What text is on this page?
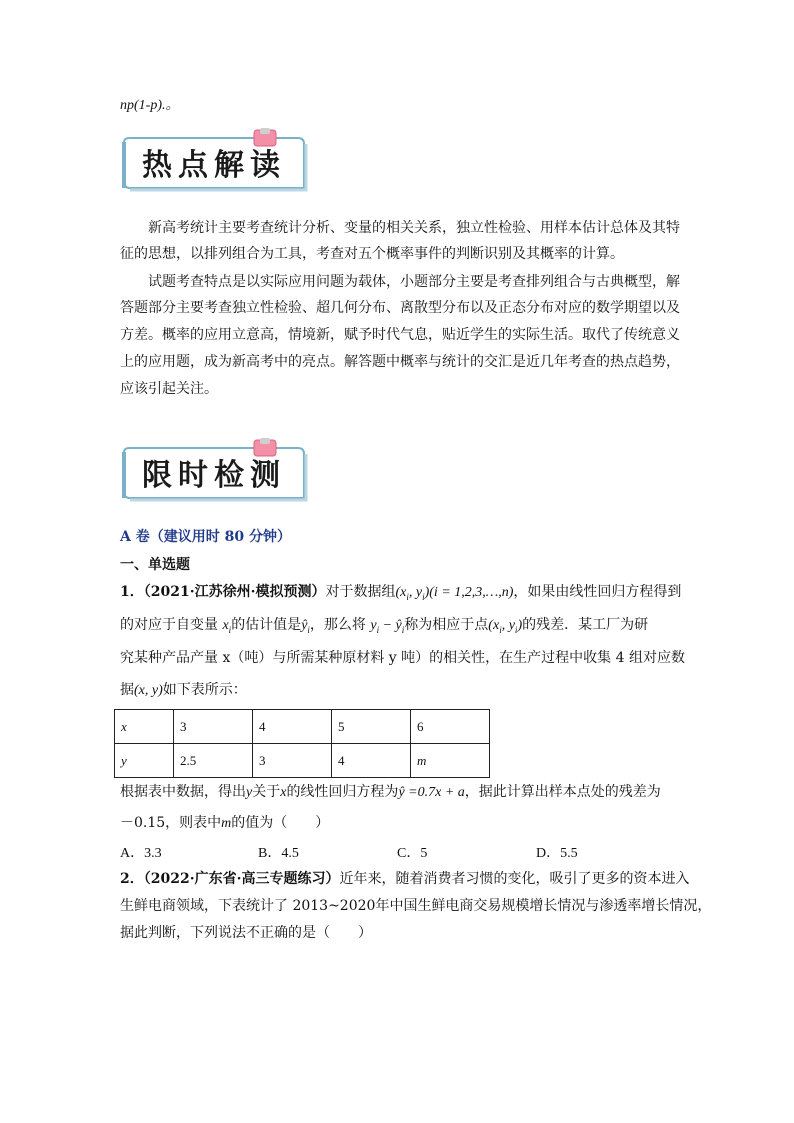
np(1-p).。
热点解读
新高考统计主要考查统计分析、变量的相关关系，独立性检验、用样本估计总体及其特
征的思想，以排列组合为工具，考查对五个概率事件的判断识别及其概率的计算。
试题考查特点是以实际应用问题为载体，小题部分主要是考查排列组合与古典概型，解
答题部分主要考查独立性检验、超几何分布、离散型分布以及正态分布对应的数学期望以及
方差。概率的应用立意高，情境新，赋予时代气息，贴近学生的实际生活。取代了传统意义
上的应用题，成为新高考中的亮点。解答题中概率与统计的交汇是近几年考查的热点趋势，
应该引起关注。
限时检测
A 卷（建议用时 80 分钟）
一、单选题
1．（2021·江苏徐州·模拟预测）对于数据组($x_i$, $y_i)(i$ = 1,2,3,…,n)，如果由线性回归方程得到
的对应于自变量 $x_i$的估计值是$ŷ_i$，那么将 $y_i$ − $ŷ_i$称为相应于点($x_i$, $y_i$)的残差．某工厂为研
究某种产品产量 x（吨）与所需某种原材料 y 吨）的相关性，在生产过程中收集 4 组对应数
据(x, y)如下表所示：
x	3	4	5	6
y	2.5	3	4	m
根据表中数据，得出y关于x的线性回归方程为ŷ =0.7x + a，据此计算出样本点处的残差为
－0.15，则表中m的值为（　　）
A．3.3	B．4.5	C．5	D．5.5
2．（2022·广东省·高三专题练习）近年来，随着消费者习惯的变化，吸引了更多的资本进入
生鲜电商领域，下表统计了 2013~2020年中国生鲜电商交易规模增长情况与渗透率增长情况，
据此判断，下列说法不正确的是（　　）
